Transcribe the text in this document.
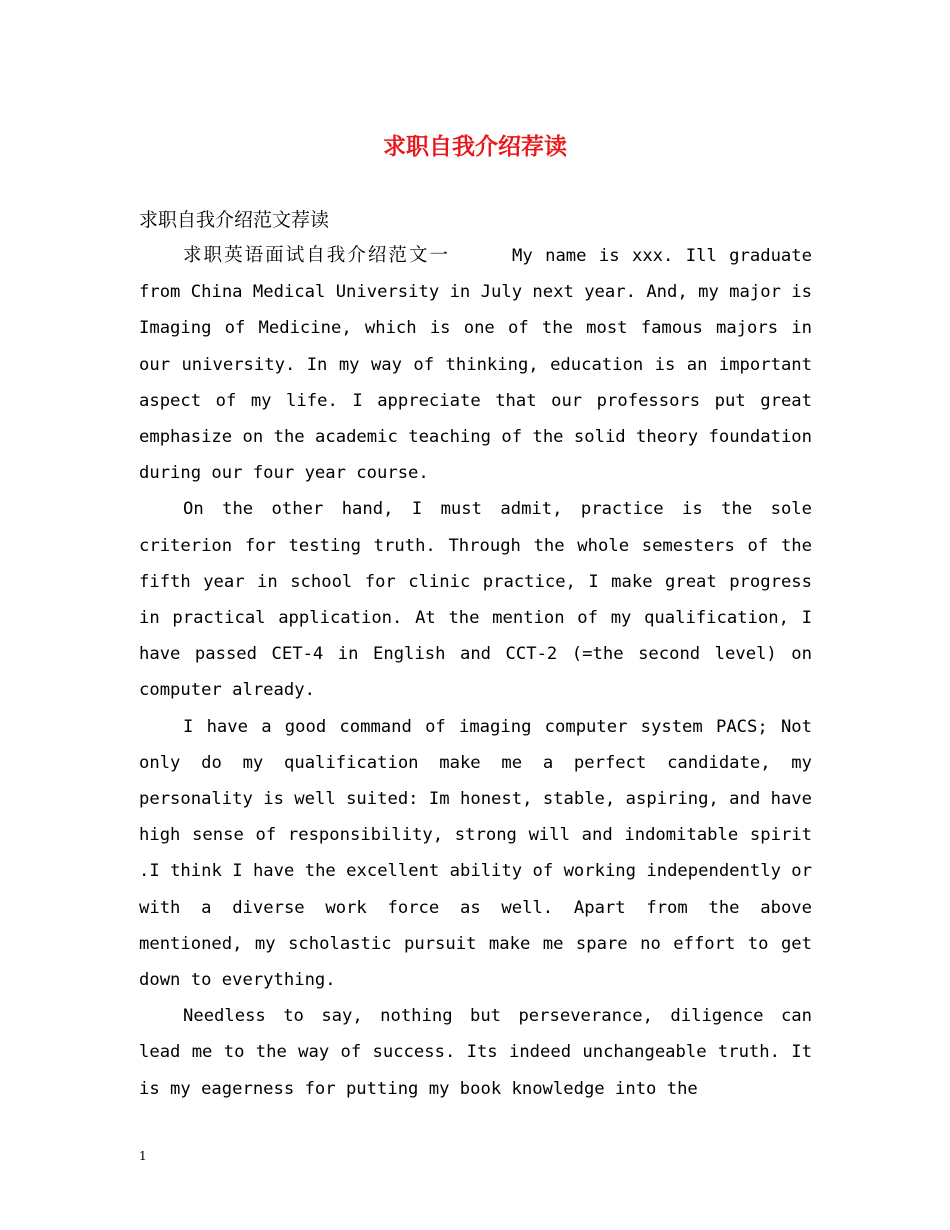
求职自我介绍荐读

求职自我介绍范文荐读

求职英语面试自我介绍范文一	My name is xxx. Ill graduate from China Medical University in July next year. And, my major is Imaging of Medicine, which is one of the most famous majors in our university. In my way of thinking, education is an important aspect of my life. I appreciate that our professors put great emphasize on the academic teaching of the solid theory foundation during our four year course.

On the other hand, I must admit, practice is the sole criterion for testing truth. Through the whole semesters of the fifth year in school for clinic practice, I make great progress in practical application. At the mention of my qualification, I have passed CET-4 in English and CCT-2 (=the second level) on computer already.

I have a good command of imaging computer system PACS; Not only do my qualification make me a perfect candidate, my personality is well suited: Im honest, stable, aspiring, and have high sense of responsibility, strong will and indomitable spirit .I think I have the excellent ability of working independently or with a diverse work force as well. Apart from the above mentioned, my scholastic pursuit make me spare no effort to get down to everything.

Needless to say, nothing but perseverance, diligence can lead me to the way of success. Its indeed unchangeable truth. It is my eagerness for putting my book knowledge into the

1
